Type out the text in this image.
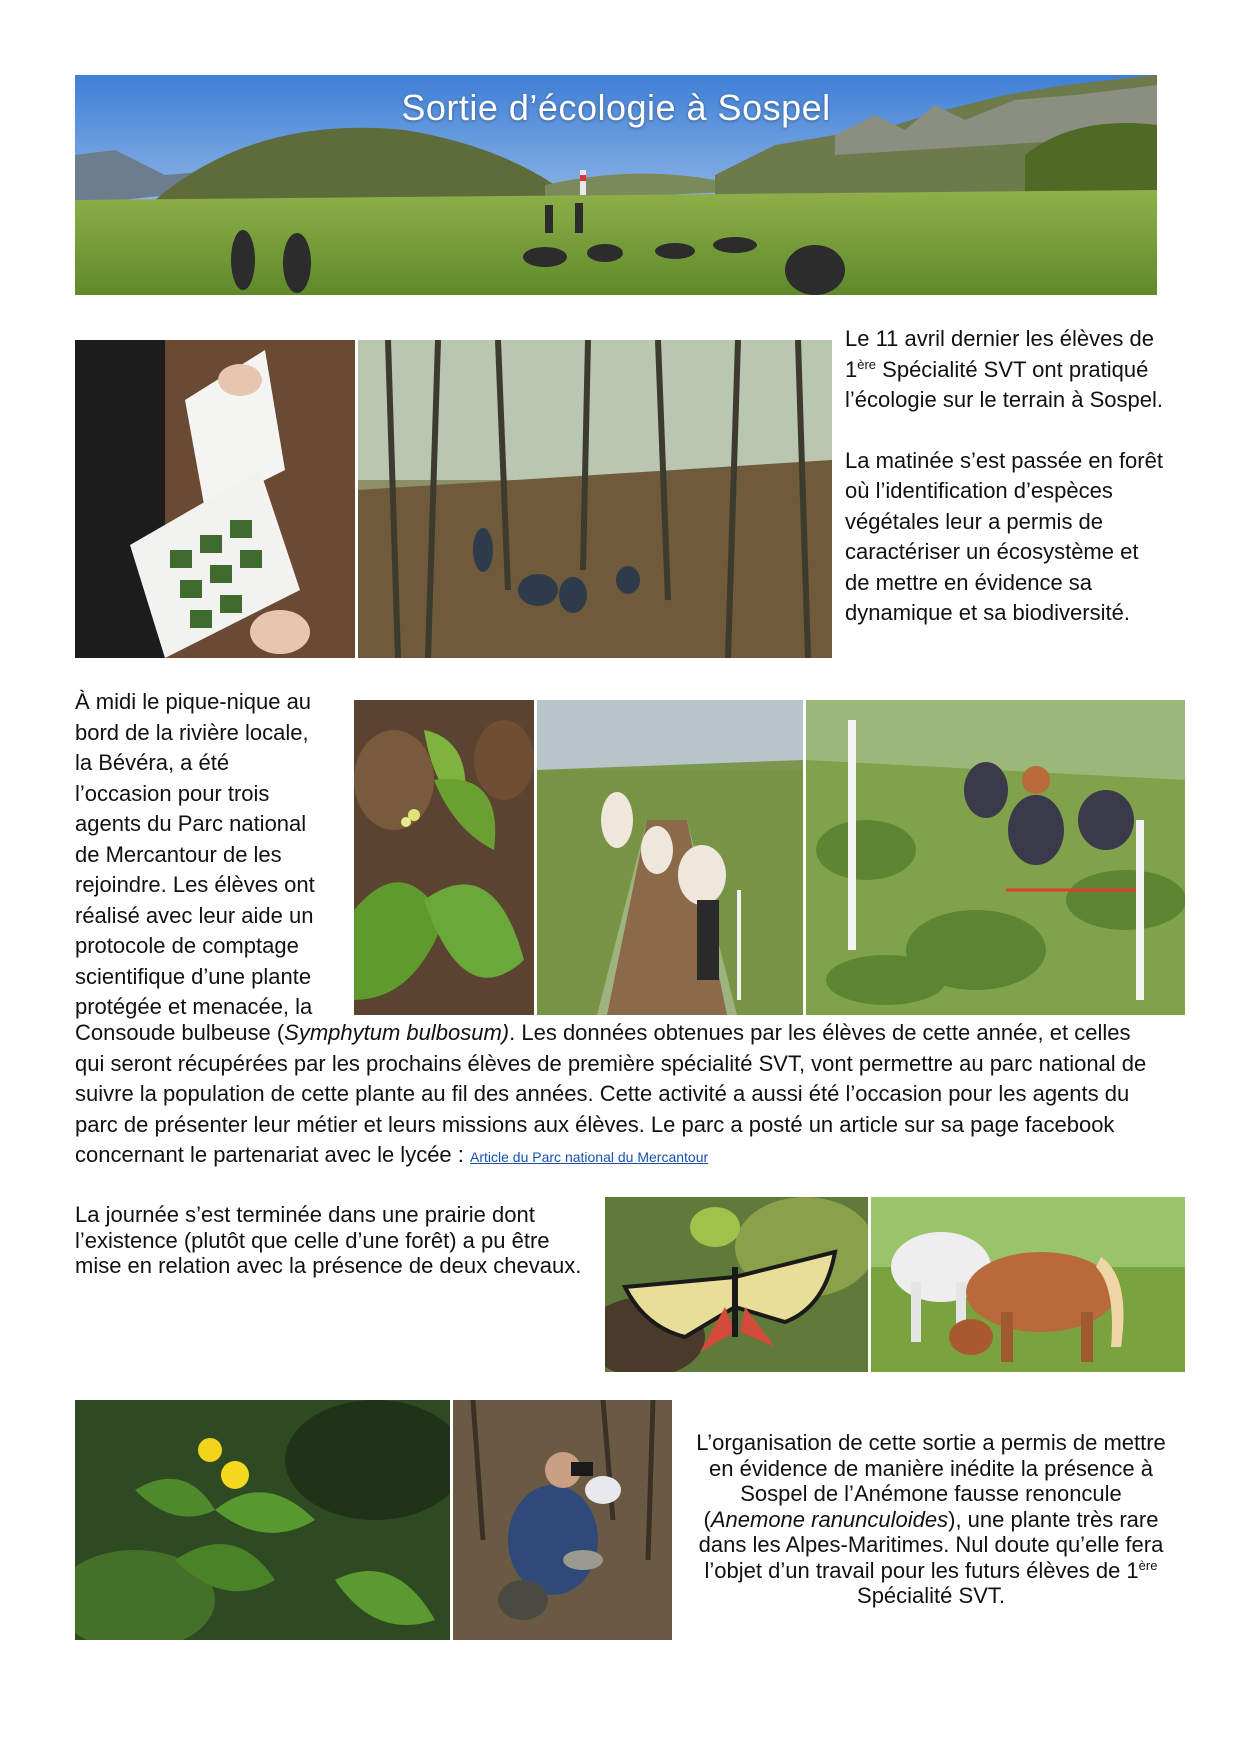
Sortie d’écologie à Sospel

Le 11 avril dernier les élèves de 1ère Spécialité SVT ont pratiqué l’écologie sur le terrain à Sospel.

La matinée s’est passée en forêt où l’identification d’espèces végétales leur a permis de caractériser un écosystème et de mettre en évidence sa dynamique et sa biodiversité.

À midi le pique-nique au
bord de la rivière locale,
la Bévéra, a été
l’occasion pour trois
agents du Parc national
de Mercantour de les
rejoindre. Les élèves ont
réalisé avec leur aide un
protocole de comptage
scientifique d’une plante
protégée et menacée, la
Consoude bulbeuse (Symphytum bulbosum). Les données obtenues par les élèves de cette année, et celles qui seront récupérées par les prochains élèves de première spécialité SVT, vont permettre au parc national de suivre la population de cette plante au fil des années. Cette activité a aussi été l’occasion pour les agents du parc de présenter leur métier et leurs missions aux élèves. Le parc a posté un article sur sa page facebook concernant le partenariat avec le lycée : Article du Parc national du Mercantour
La journée s’est terminée dans une prairie dont l’existence (plutôt que celle d’une forêt) a pu être mise en relation avec la présence de deux chevaux.
L’organisation de cette sortie a permis de mettre en évidence de manière inédite la présence à Sospel de l’Anémone fausse renoncule (Anemone ranunculoides), une plante très rare dans les Alpes-Maritimes. Nul doute qu’elle fera l’objet d’un travail pour les futurs élèves de 1ère Spécialité SVT.
